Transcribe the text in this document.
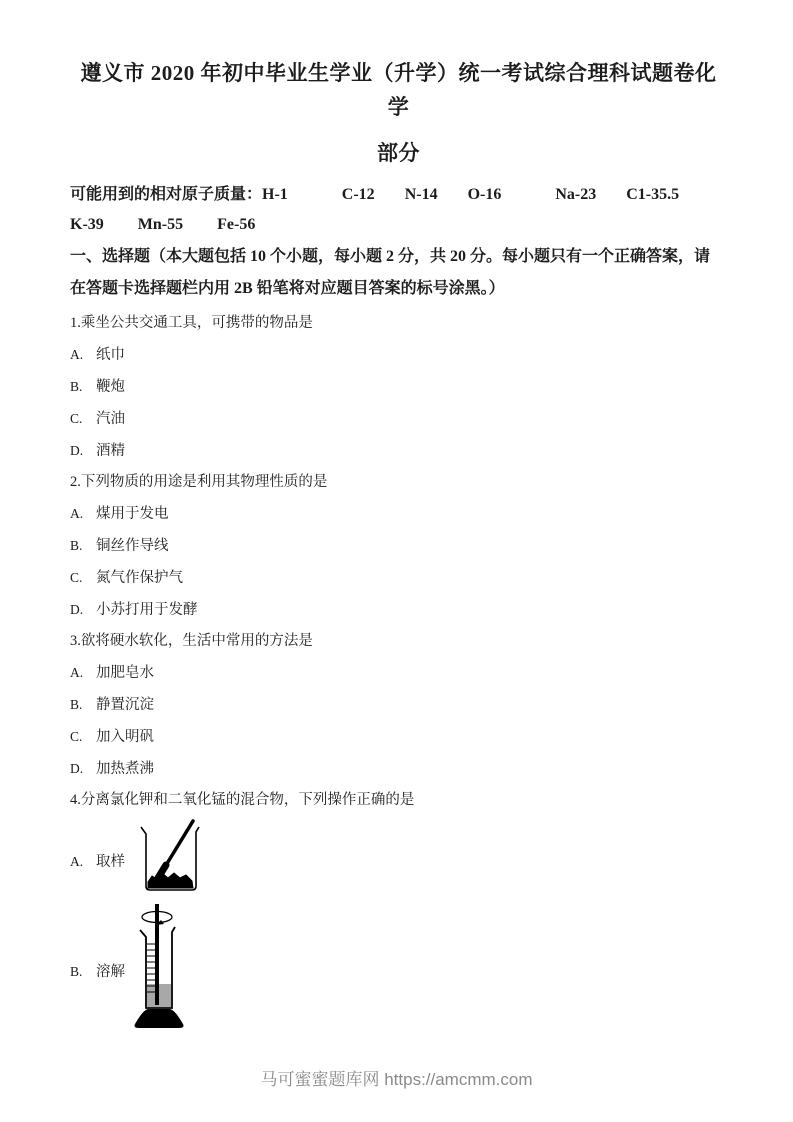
遵义市 2020 年初中毕业生学业（升学）统一考试综合理科试题卷化学
部分
可能用到的相对原子质量：H-1	C-12 N-14 O-16	Na-23 C1-35.5
K-39 Mn-55 Fe-56
一、选择题（本大题包括 10 个小题，每小题 2 分，共 20 分。每小题只有一个正确答案，请
在答题卡选择题栏内用 2B 铅笔将对应题目答案的标号涂黑。）
1.乘坐公共交通工具，可携带的物品是
A. 纸巾
B. 鞭炮
C. 汽油
D. 酒精
2.下列物质的用途是利用其物理性质的是
A. 煤用于发电
B. 铜丝作导线
C. 氮气作保护气
D. 小苏打用于发酵
3.欲将硬水软化，生活中常用的方法是
A. 加肥皂水
B. 静置沉淀
C. 加入明矾
D. 加热煮沸
4.分离氯化钾和二氧化锰的混合物，下列操作正确的是
A. 取样
B. 溶解
马可蜜蜜题库网 https://amcmm.com
